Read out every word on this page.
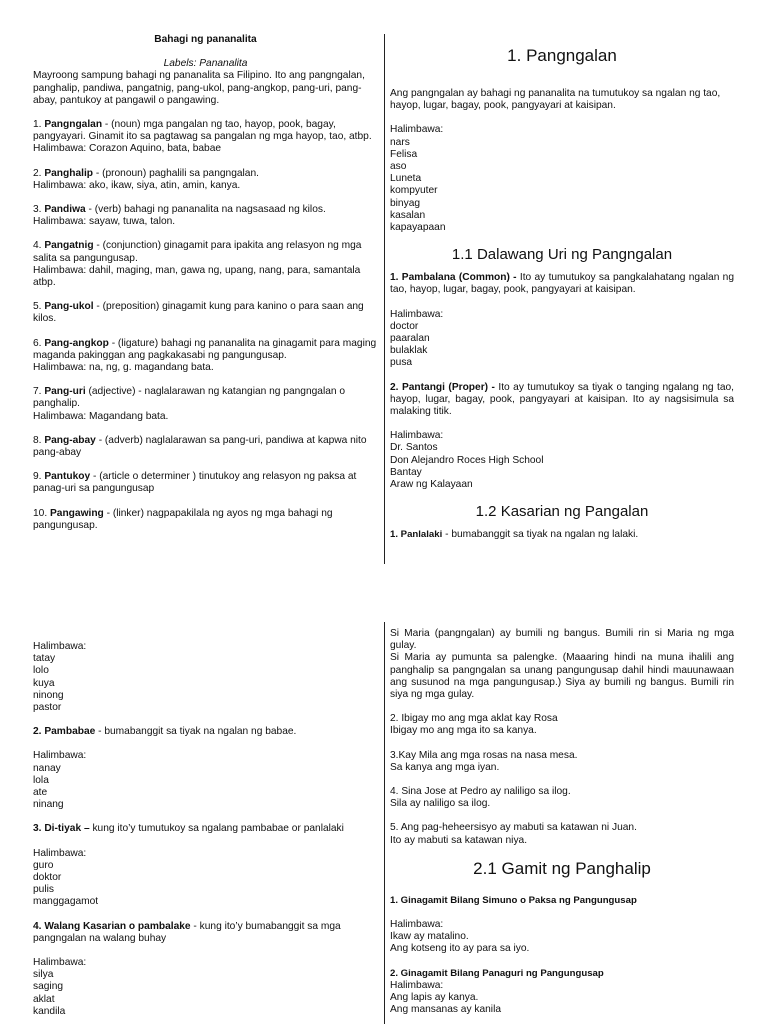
Bahagi ng pananalita

Labels: Pananalita

Mayroong sampung bahagi ng pananalita sa Filipino. Ito ang pangngalan, panghalip, pandiwa, pangatnig, pang-ukol, pang-angkop, pang-uri, pang-abay, pantukoy at pangawil o pangawing.

1. Pangngalan - (noun) mga pangalan ng tao, hayop, pook, bagay, pangyayari. Ginamit ito sa pagtawag sa pangalan ng mga hayop, tao, atbp.
Halimbawa: Corazon Aquino, bata, babae

2. Panghalip - (pronoun) paghalili sa pangngalan.
Halimbawa: ako, ikaw, siya, atin, amin, kanya.

3. Pandiwa - (verb) bahagi ng pananalita na nagsasaad ng kilos.
Halimbawa: sayaw, tuwa, talon.

4. Pangatnig - (conjunction) ginagamit para ipakita ang relasyon ng mga salita sa pangungusap.
Halimbawa: dahil, maging, man, gawa ng, upang, nang, para, samantala atbp.

5. Pang-ukol - (preposition) ginagamit kung para kanino o para saan ang kilos.

6. Pang-angkop - (ligature) bahagi ng pananalita na ginagamit para maging maganda pakinggan ang pagkakasabi ng pangungusap.
Halimbawa: na, ng, g. magandang bata.

7. Pang-uri (adjective) - naglalarawan ng katangian ng pangngalan o panghalip.
Halimbawa: Magandang bata.

8. Pang-abay - (adverb) naglalarawan sa pang-uri, pandiwa at kapwa nito pang-abay

9. Pantukoy - (article o determiner ) tinutukoy ang relasyon ng paksa at panag-uri sa pangungusap

10. Pangawing - (linker) nagpapakilala ng ayos ng mga bahagi ng pangungusap.

1. Pangngalan

Ang pangngalan ay bahagi ng pananalita na tumutukoy sa ngalan ng tao, hayop, lugar, bagay, pook, pangyayari at kaisipan.

Halimbawa:
nars
Felisa
aso
Luneta
kompyuter
binyag
kasalan
kapayapaan

1.1 Dalawang Uri ng Pangngalan

1. Pambalana (Common) - Ito ay tumutukoy sa pangkalahatang ngalan ng tao, hayop, lugar, bagay, pook, pangyayari at kaisipan.

Halimbawa:
doctor
paaralan
bulaklak
pusa

2. Pantangi (Proper) - Ito ay tumutukoy sa tiyak o tanging ngalang ng tao, hayop, lugar, bagay, pook, pangyayari at kaisipan. Ito ay nagsisimula sa malaking titik.

Halimbawa:
Dr. Santos
Don Alejandro Roces High School
Bantay
Araw ng Kalayaan

1.2 Kasarian ng Pangalan

1. Panlalaki - bumabanggit sa tiyak na ngalan ng lalaki.

Halimbawa:
tatay
lolo
kuya
ninong
pastor

2. Pambabae - bumabanggit sa tiyak na ngalan ng babae.

Halimbawa:
nanay
lola
ate
ninang

3. Di-tiyak – kung ito’y tumutukoy sa ngalang pambabae or panlalaki

Halimbawa:
guro
doktor
pulis
manggagamot

4. Walang Kasarian o pambalake - kung ito’y bumabanggit sa mga pangngalan na walang buhay

Halimbawa:
silya
saging
aklat
kandila

Si Maria (pangngalan) ay bumili ng bangus. Bumili rin si Maria ng mga gulay.
Si Maria ay pumunta sa palengke. (Maaaring hindi na muna ihalili ang panghalip sa pangngalan sa unang pangungusap dahil hindi mauunawaan ang susunod na mga pangungusap.) Siya ay bumili ng bangus. Bumili rin siya ng mga gulay.

2. Ibigay mo ang mga aklat kay Rosa
Ibigay mo ang mga ito sa kanya.

3.Kay Mila ang mga rosas na nasa mesa.
Sa kanya ang mga iyan.

4. Sina Jose at Pedro ay naliligo sa ilog.
Sila ay naliligo sa ilog.

5. Ang pag-heheersisyo ay mabuti sa katawan ni Juan.
Ito ay mabuti sa katawan niya.

2.1 Gamit ng Panghalip

1. Ginagamit Bilang Simuno o Paksa ng Pangungusap

Halimbawa:
Ikaw ay matalino.
Ang kotseng ito ay para sa iyo.

2. Ginagamit Bilang Panaguri ng Pangungusap

Halimbawa:
Ang lapis ay kanya.
Ang mansanas ay kanila
